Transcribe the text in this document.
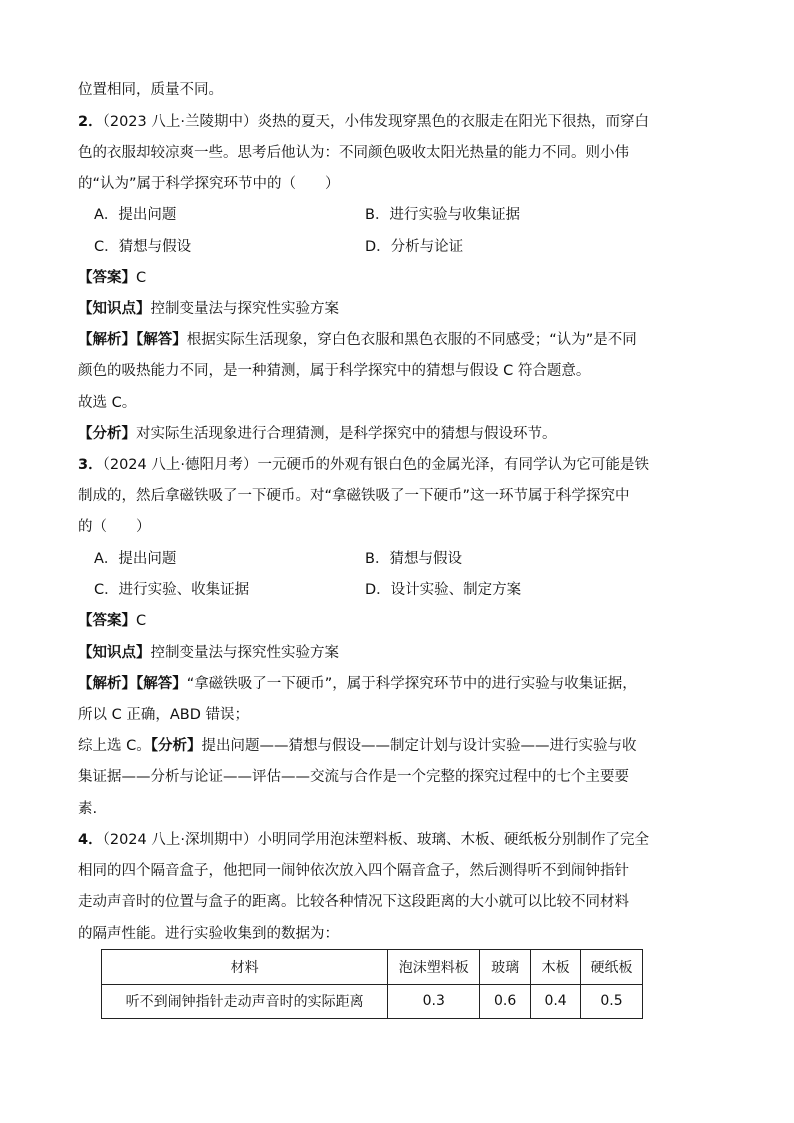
位置相同，质量不同。
2．（2023 八上·兰陵期中）炎热的夏天，小伟发现穿黑色的衣服走在阳光下很热，而穿白
色的衣服却较凉爽一些。思考后他认为：不同颜色吸收太阳光热量的能力不同。则小伟
的“认为”属于科学探究环节中的（　　）
A．提出问题	B．进行实验与收集证据
C．猜想与假设	D．分析与论证
【答案】C
【知识点】控制变量法与探究性实验方案
【解析】【解答】根据实际生活现象，穿白色衣服和黑色衣服的不同感受；“认为”是不同
颜色的吸热能力不同，是一种猜测，属于科学探究中的猜想与假设 C 符合题意。
故选 C。
【分析】对实际生活现象进行合理猜测，是科学探究中的猜想与假设环节。
3．（2024 八上·德阳月考）一元硬币的外观有银白色的金属光泽，有同学认为它可能是铁
制成的，然后拿磁铁吸了一下硬币。对“拿磁铁吸了一下硬币”这一环节属于科学探究中
的（　　）
A．提出问题	B．猜想与假设
C．进行实验、收集证据	D．设计实验、制定方案
【答案】C
【知识点】控制变量法与探究性实验方案
【解析】【解答】“拿磁铁吸了一下硬币”，属于科学探究环节中的进行实验与收集证据，
所以 C 正确，ABD 错误；
综上选 C。【分析】提出问题——猜想与假设——制定计划与设计实验——进行实验与收
集证据——分析与论证——评估——交流与合作是一个完整的探究过程中的七个主要要
素.
4．（2024 八上·深圳期中）小明同学用泡沫塑料板、玻璃、木板、硬纸板分别制作了完全
相同的四个隔音盒子，他把同一闹钟依次放入四个隔音盒子，然后测得听不到闹钟指针
走动声音时的位置与盒子的距离。比较各种情况下这段距离的大小就可以比较不同材料
的隔声性能。进行实验收集到的数据为：
材料	泡沫塑料板	玻璃	木板	硬纸板
听不到闹钟指针走动声音时的实际距离	0.3	0.6	0.4	0.5
